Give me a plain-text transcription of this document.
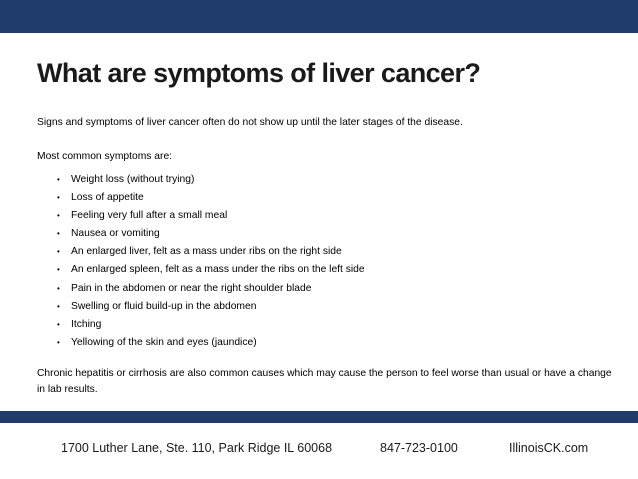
What are symptoms of liver cancer?
Signs and symptoms of liver cancer often do not show up until the later stages of the disease.
Most common symptoms are:
• Weight loss (without trying)
• Loss of appetite
• Feeling very full after a small meal
• Nausea or vomiting
• An enlarged liver, felt as a mass under ribs on the right side
• An enlarged spleen, felt as a mass under the ribs on the left side
• Pain in the abdomen or near the right shoulder blade
• Swelling or fluid build-up in the abdomen
• Itching
• Yellowing of the skin and eyes (jaundice)
Chronic hepatitis or cirrhosis are also common causes which may cause the person to feel worse than usual or have a change in lab results.
1700 Luther Lane, Ste. 110, Park Ridge IL 60068	847-723-0100	IllinoisCK.com
